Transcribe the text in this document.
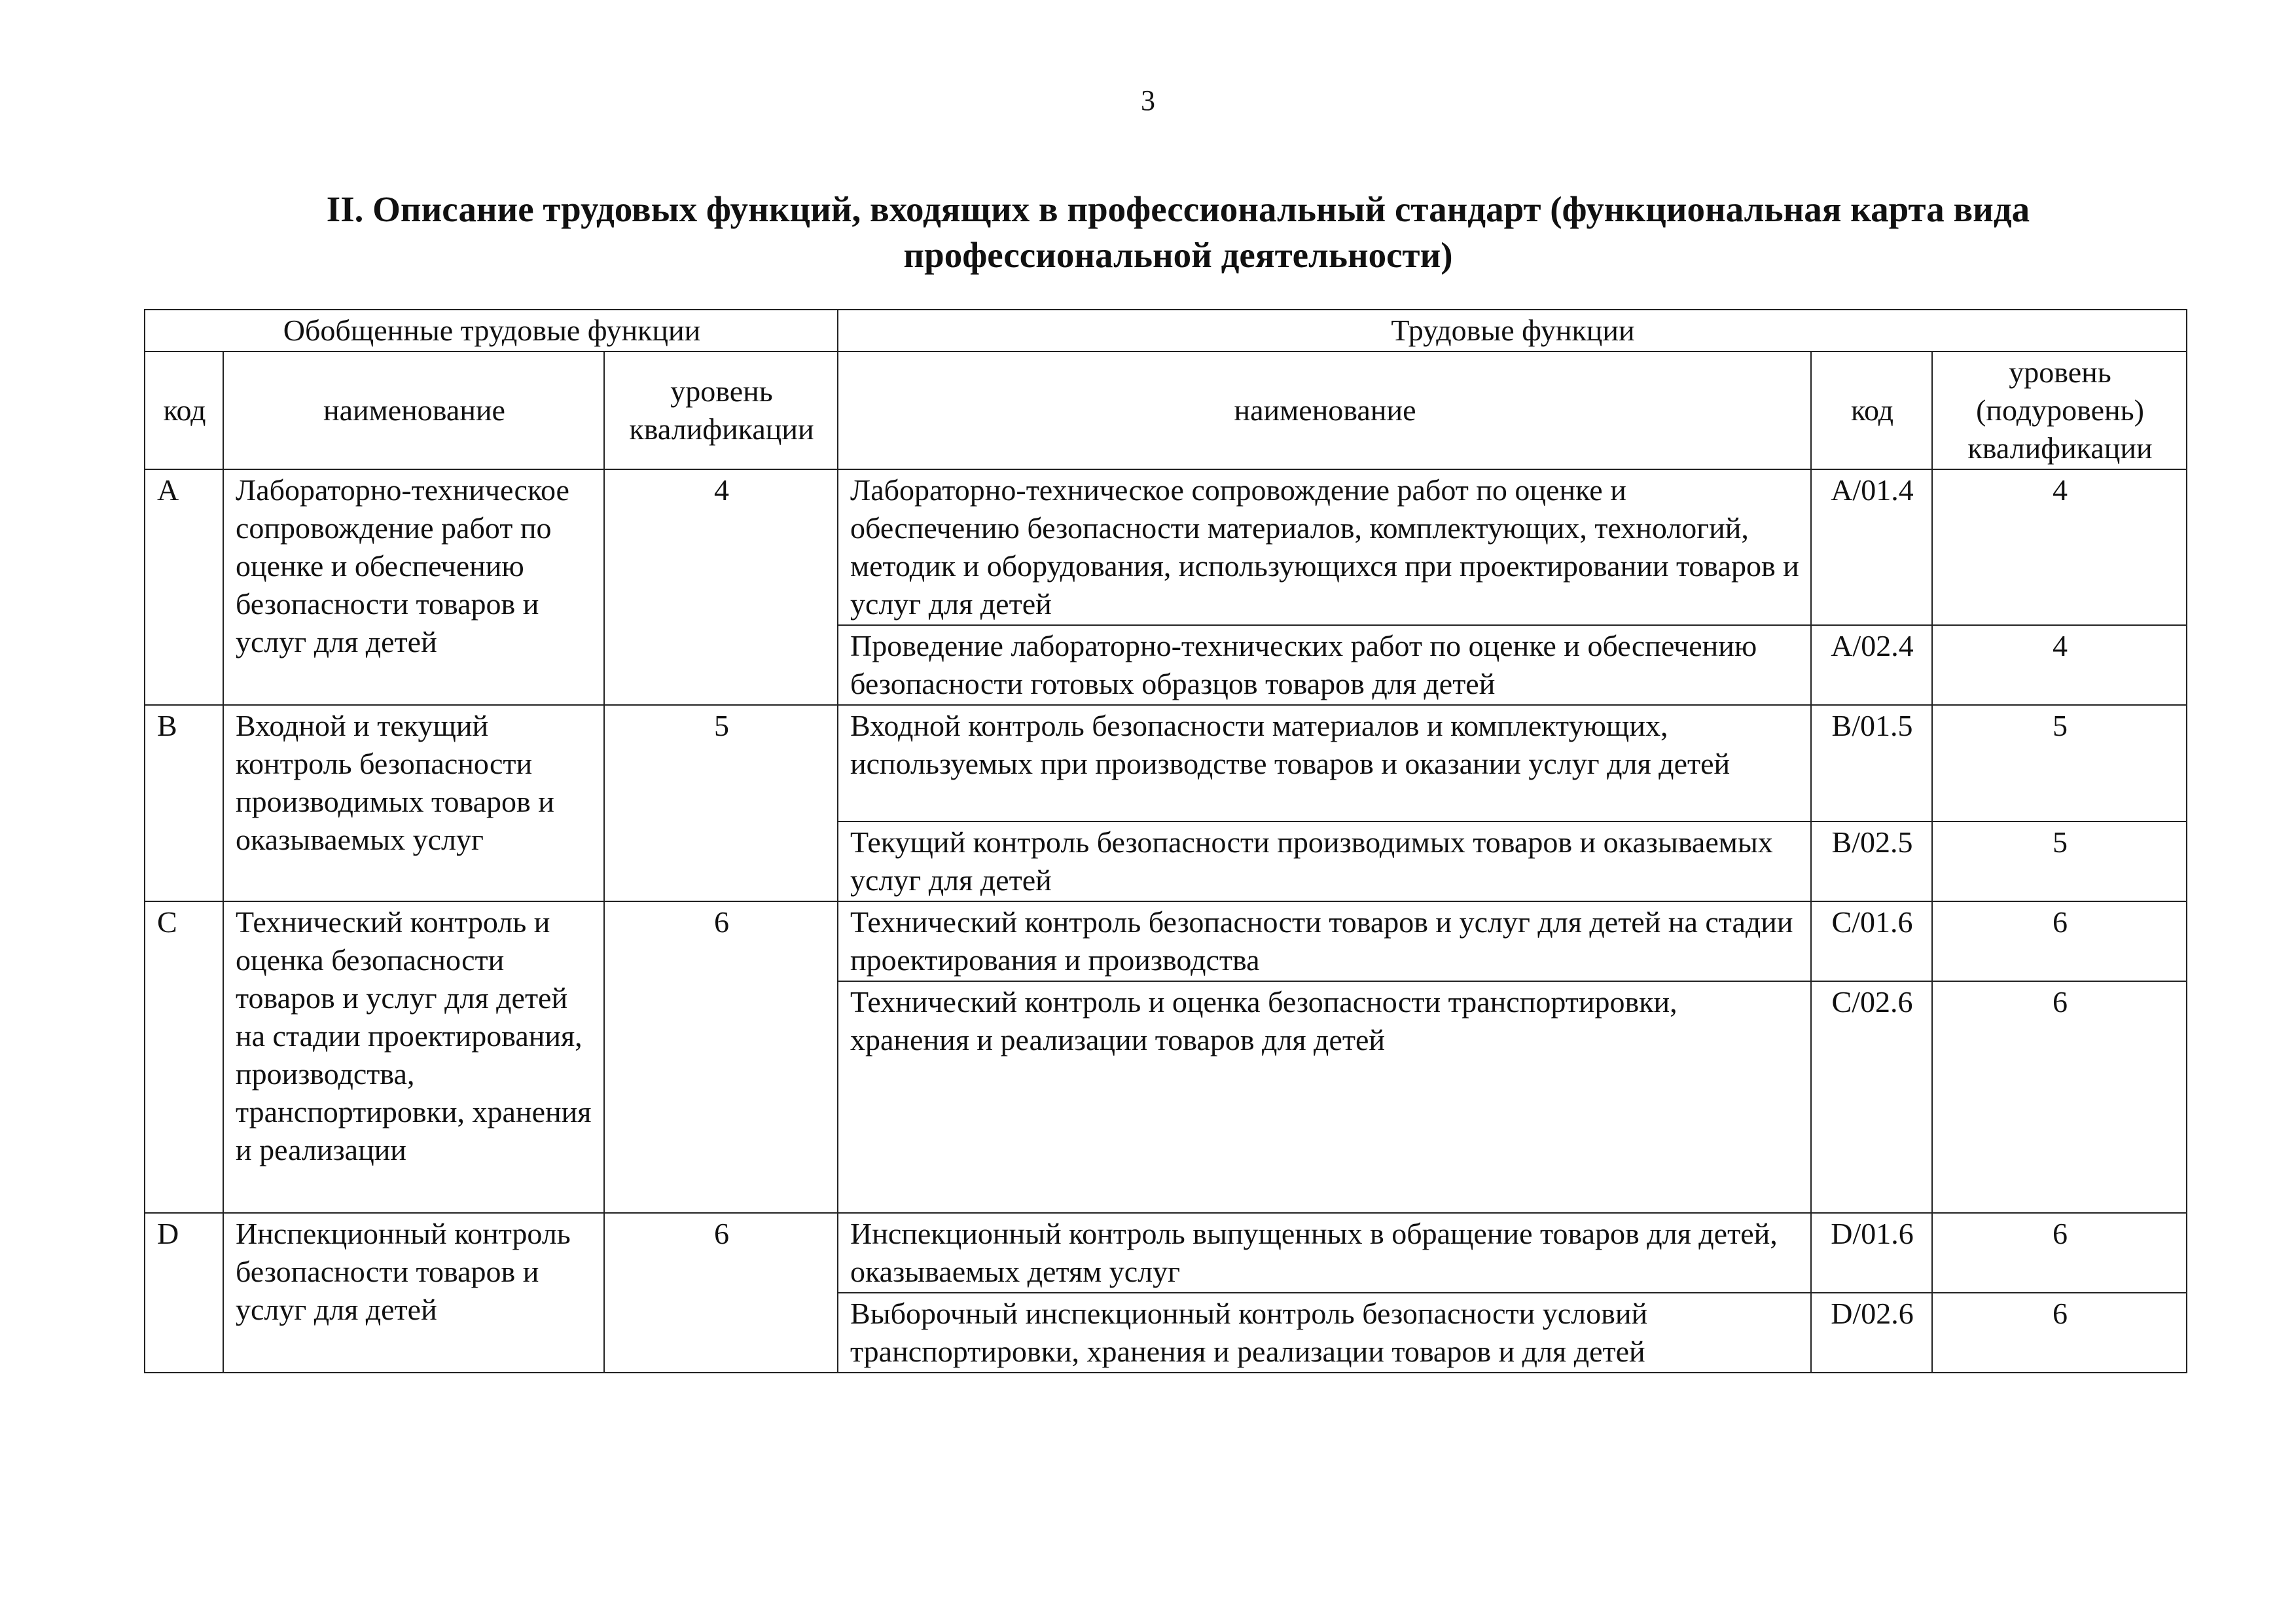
3
II. Описание трудовых функций, входящих в профессиональный стандарт (функциональная карта вида профессиональной деятельности)
Обобщенные трудовые функции			Трудовые функции		
код	наименование	уровень квалификации	наименование	код	уровень (подуровень) квалификации
A	Лабораторно-техническое сопровождение работ по оценке и обеспечению безопасности товаров и услуг для детей	4	Лабораторно-техническое сопровождение работ по оценке и обеспечению безопасности материалов, комплектующих, технологий, методик и оборудования, использующихся при проектировании товаров и услуг для детей	A/01.4	4
			Проведение лабораторно-технических работ по оценке и обеспечению безопасности готовых образцов товаров для детей	A/02.4	4
B	Входной и текущий контроль безопасности производимых товаров и оказываемых услуг	5	Входной контроль безопасности материалов и комплектующих, используемых при производстве товаров и оказании услуг для детей	B/01.5	5
			Текущий контроль безопасности производимых товаров и оказываемых услуг для детей	B/02.5	5
C	Технический контроль и оценка безопасности товаров и услуг для детей на стадии проектирования, производства, транспортировки, хранения и реализации	6	Технический контроль безопасности товаров и услуг для детей на стадии проектирования и производства	C/01.6	6
			Технический контроль и оценка безопасности транспортировки, хранения и реализации товаров для детей	C/02.6	6
D	Инспекционный контроль безопасности товаров и услуг для детей	6	Инспекционный контроль выпущенных в обращение товаров для детей, оказываемых детям услуг	D/01.6	6
			Выборочный инспекционный контроль безопасности условий транспортировки, хранения и реализации товаров и для детей	D/02.6	6
